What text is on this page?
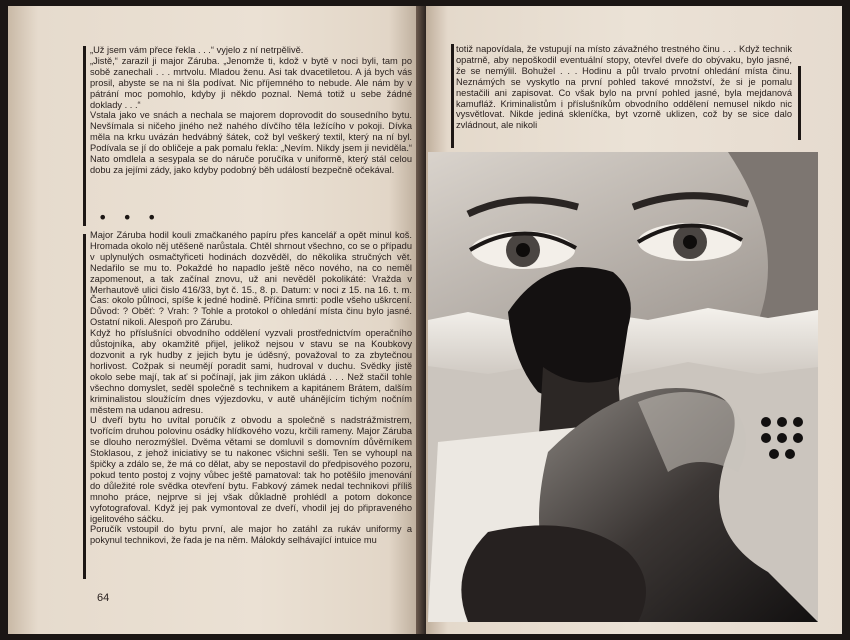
„Už jsem vám přece řekla . . .“ vyjelo z ní netrpělivě.

„Jistě,“ zarazil ji major Záruba. „Jenomže ti, kdož v bytě v noci byli, tam po sobě zanechali . . . mrtvolu. Mladou ženu. Asi tak dvacetiletou. A já bych vás prosil, abyste se na ni šla podívat. Nic příjemného to nebude. Ale nám by v pátrání moc pomohlo, kdyby ji někdo poznal. Nemá totiž u sebe žádné doklady . . .“

Vstala jako ve snách a nechala se majorem doprovodit do sousedního bytu. Nevšímala si ničeho jiného než nahého dívčího těla ležícího v pokoji. Dívka měla na krku uvázán hedvábný šátek, což byl veškerý textil, který na ní byl. Podívala se jí do obličeje a pak pomalu řekla: „Nevím. Nikdy jsem ji neviděla.“ Nato omdlela a sesypala se do náruče poručíka v uniformě, který stál celou dobu za jejími zády, jako kdyby podobný běh událostí bezpečně očekával.

• • •

Major Záruba hodil kouli zmačkaného papíru přes kancelář a opět minul koš. Hromada okolo něj utěšeně narůstala. Chtěl shrnout všechno, co se o případu v uplynulých osmačtyřiceti hodinách dozvěděl, do několika stručných vět. Nedařilo se mu to. Pokaždé ho napadlo ještě něco nového, na co neměl zapomenout, a tak začínal znovu, už ani nevěděl pokolikáté: Vražda v Merhautově ulici čislo 416/33, byt č. 15., 8. p. Datum: v noci z 15. na 16. t. m. Čas: okolo půlnoci, spíše k jedné hodině. Příčina smrti: podle všeho uškrcení. Důvod: ? Oběť: ? Vrah: ? Tohle a protokol o ohledání místa činu bylo jasné. Ostatní nikoli. Alespoň pro Zárubu.

Když ho příslušníci obvodního oddělení vyzvali prostřednictvím operačního důstojníka, aby okamžitě přijel, jelikož nejsou v stavu se na Koubkovy dozvonit a ryk hudby z jejich bytu je úděsný, považoval to za zbytečnou horlivost. Cožpak si neumějí poradit sami, hudroval v duchu. Svědky jistě okolo sebe mají, tak ať si počínají, jak jim zákon ukládá . . . Než stačil tohle všechno domyslet, seděl společně s technikem a kapitánem Brátem, dalším kriminalistou sloužícím dnes výjezdovku, v autě uhánějícím tichým nočním městem na udanou adresu.

U dveří bytu ho uvítal poručík z obvodu a společně s nadstrážmistrem, tvořícím druhou polovinu osádky hlídkového vozu, krčili rameny. Major Záruba se dlouho nerozmýšlel. Dvěma větami se domluvil s domovním důvěrníkem Stoklasou, z jehož iniciativy se tu nakonec všichni sešli. Ten se vyhoupl na špičky a zdálo se, že má co dělat, aby se nepostavil do předpisového pozoru, pokud tento postoj z vojny vůbec ještě pamatoval: tak ho potěšilo jmenování do důležité role svědka otevření bytu. Fabkový zámek nedal technikovi příliš mnoho práce, nejprve si jej však důkladně prohlédl a potom dokonce vyfotografoval. Když jej pak vymontoval ze dveří, vhodil jej do připraveného igelitového sáčku.

Poručík vstoupil do bytu první, ale major ho zatáhl za rukáv uniformy a pokynul technikovi, že řada je na něm. Málokdy selhávající intuice mu

64

totiž napovídala, že vstupují na místo závažného trestného činu . . . Když technik opatrně, aby nepoškodil eventuální stopy, otevřel dveře do obývaku, bylo jasné, že se nemýlil. Bohužel . . . Hodinu a půl trvalo prvotní ohledání místa činu. Neznámých se vyskytlo na první pohled takové množství, že si je pomalu nestačili ani zapisovat. Co však bylo na první pohled jasné, byla mejdanová kamufláž. Kriminalistům i příslušníkům obvodního oddělení nemusel nikdo nic vysvětlovat. Nikde jediná skleníčka, byt vzorně uklizen, což by se sice dalo zvládnout, ale nikoli
